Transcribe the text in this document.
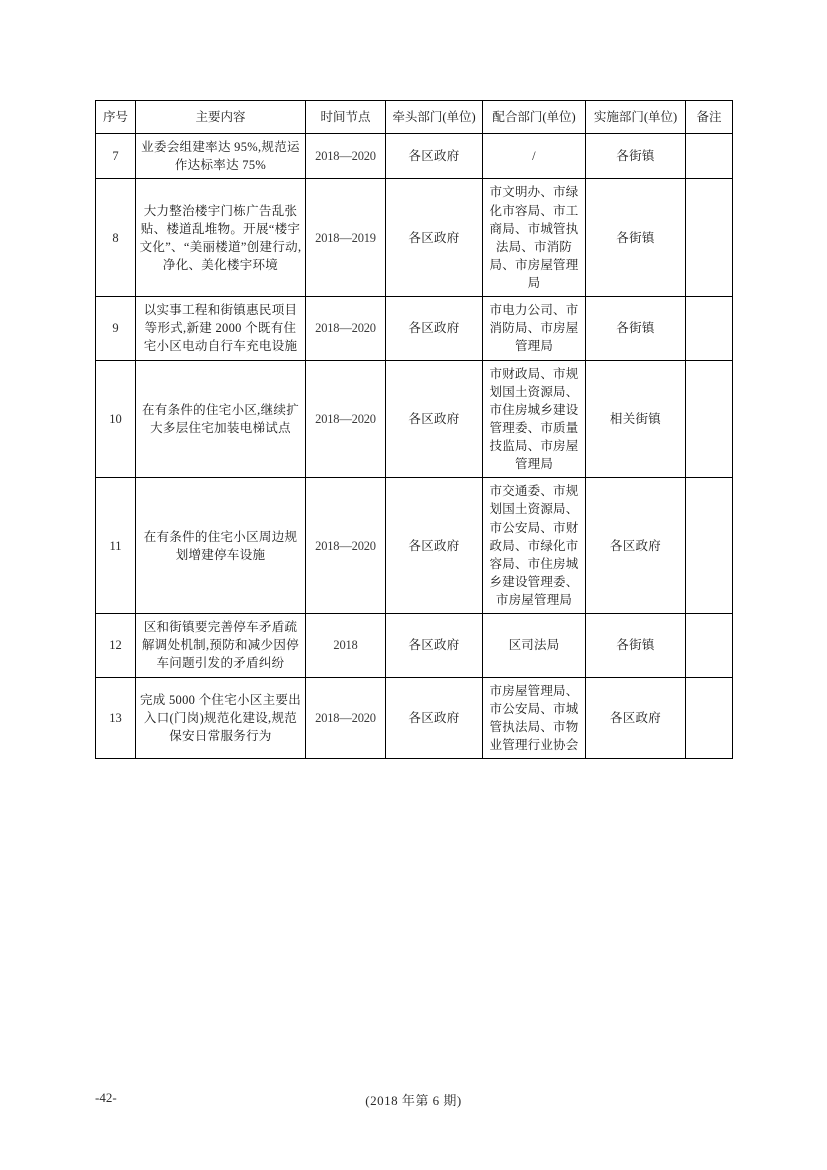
序号	主要内容	时间节点	牵头部门(单位)	配合部门(单位)	实施部门(单位)	备注
7	业委会组建率达 95%,规范运作达标率达 75%	2018—2020	各区政府	/	各街镇	
8	大力整治楼宇门栋广告乱张贴、楼道乱堆物。开展“楼宇文化”、“美丽楼道”创建行动,净化、美化楼宇环境	2018—2019	各区政府	市文明办、市绿化市容局、市工商局、市城管执法局、市消防局、市房屋管理局	各街镇	
9	以实事工程和街镇惠民项目等形式,新建 2000 个既有住宅小区电动自行车充电设施	2018—2020	各区政府	市电力公司、市消防局、市房屋管理局	各街镇	
10	在有条件的住宅小区,继续扩大多层住宅加装电梯试点	2018—2020	各区政府	市财政局、市规划国土资源局、市住房城乡建设管理委、市质量技监局、市房屋管理局	相关街镇	
11	在有条件的住宅小区周边规划增建停车设施	2018—2020	各区政府	市交通委、市规划国土资源局、市公安局、市财政局、市绿化市容局、市住房城乡建设管理委、市房屋管理局	各区政府	
12	区和街镇要完善停车矛盾疏解调处机制,预防和减少因停车问题引发的矛盾纠纷	2018	各区政府	区司法局	各街镇	
13	完成 5000 个住宅小区主要出入口(门岗)规范化建设,规范保安日常服务行为	2018—2020	各区政府	市房屋管理局、市公安局、市城管执法局、市物业管理行业协会	各区政府	
-42-	(2018 年第 6 期)
